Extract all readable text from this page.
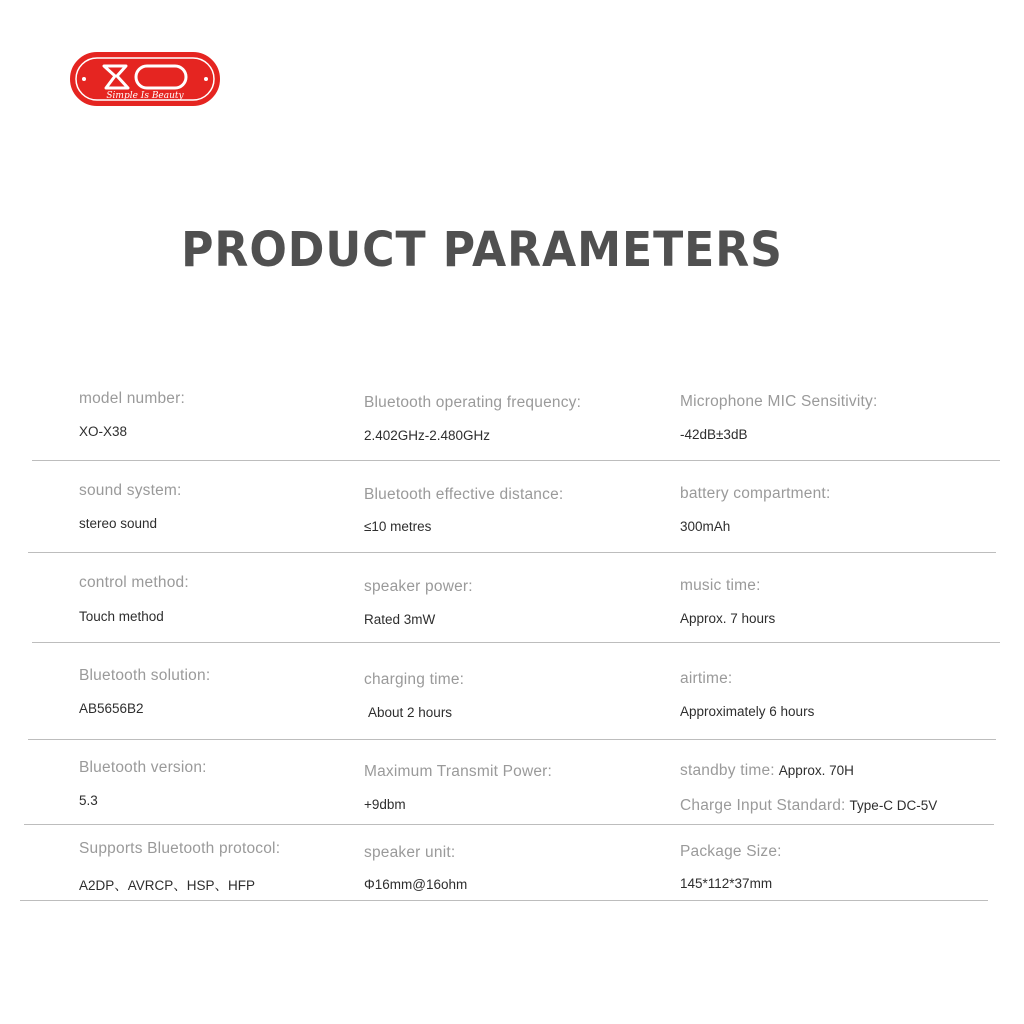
Simple Is Beauty
PRODUCT PARAMETERS
model number:
XO-X38
Bluetooth operating frequency:
2.402GHz-2.480GHz
Microphone MIC Sensitivity:
-42dB±3dB
sound system:
stereo sound
Bluetooth effective distance:
≤10 metres
battery compartment:
300mAh
control method:
Touch method
speaker power:
Rated 3mW
music time:
Approx. 7 hours
Bluetooth solution:
AB5656B2
charging time:
About 2 hours
airtime:
Approximately 6 hours
Bluetooth version:
5.3
Maximum Transmit Power:
+9dbm
standby time: Approx. 70H
Charge Input Standard: Type-C DC-5V
Supports Bluetooth protocol:
A2DP、AVRCP、HSP、HFP
speaker unit:
Φ16mm@16ohm
Package Size:
145*112*37mm
